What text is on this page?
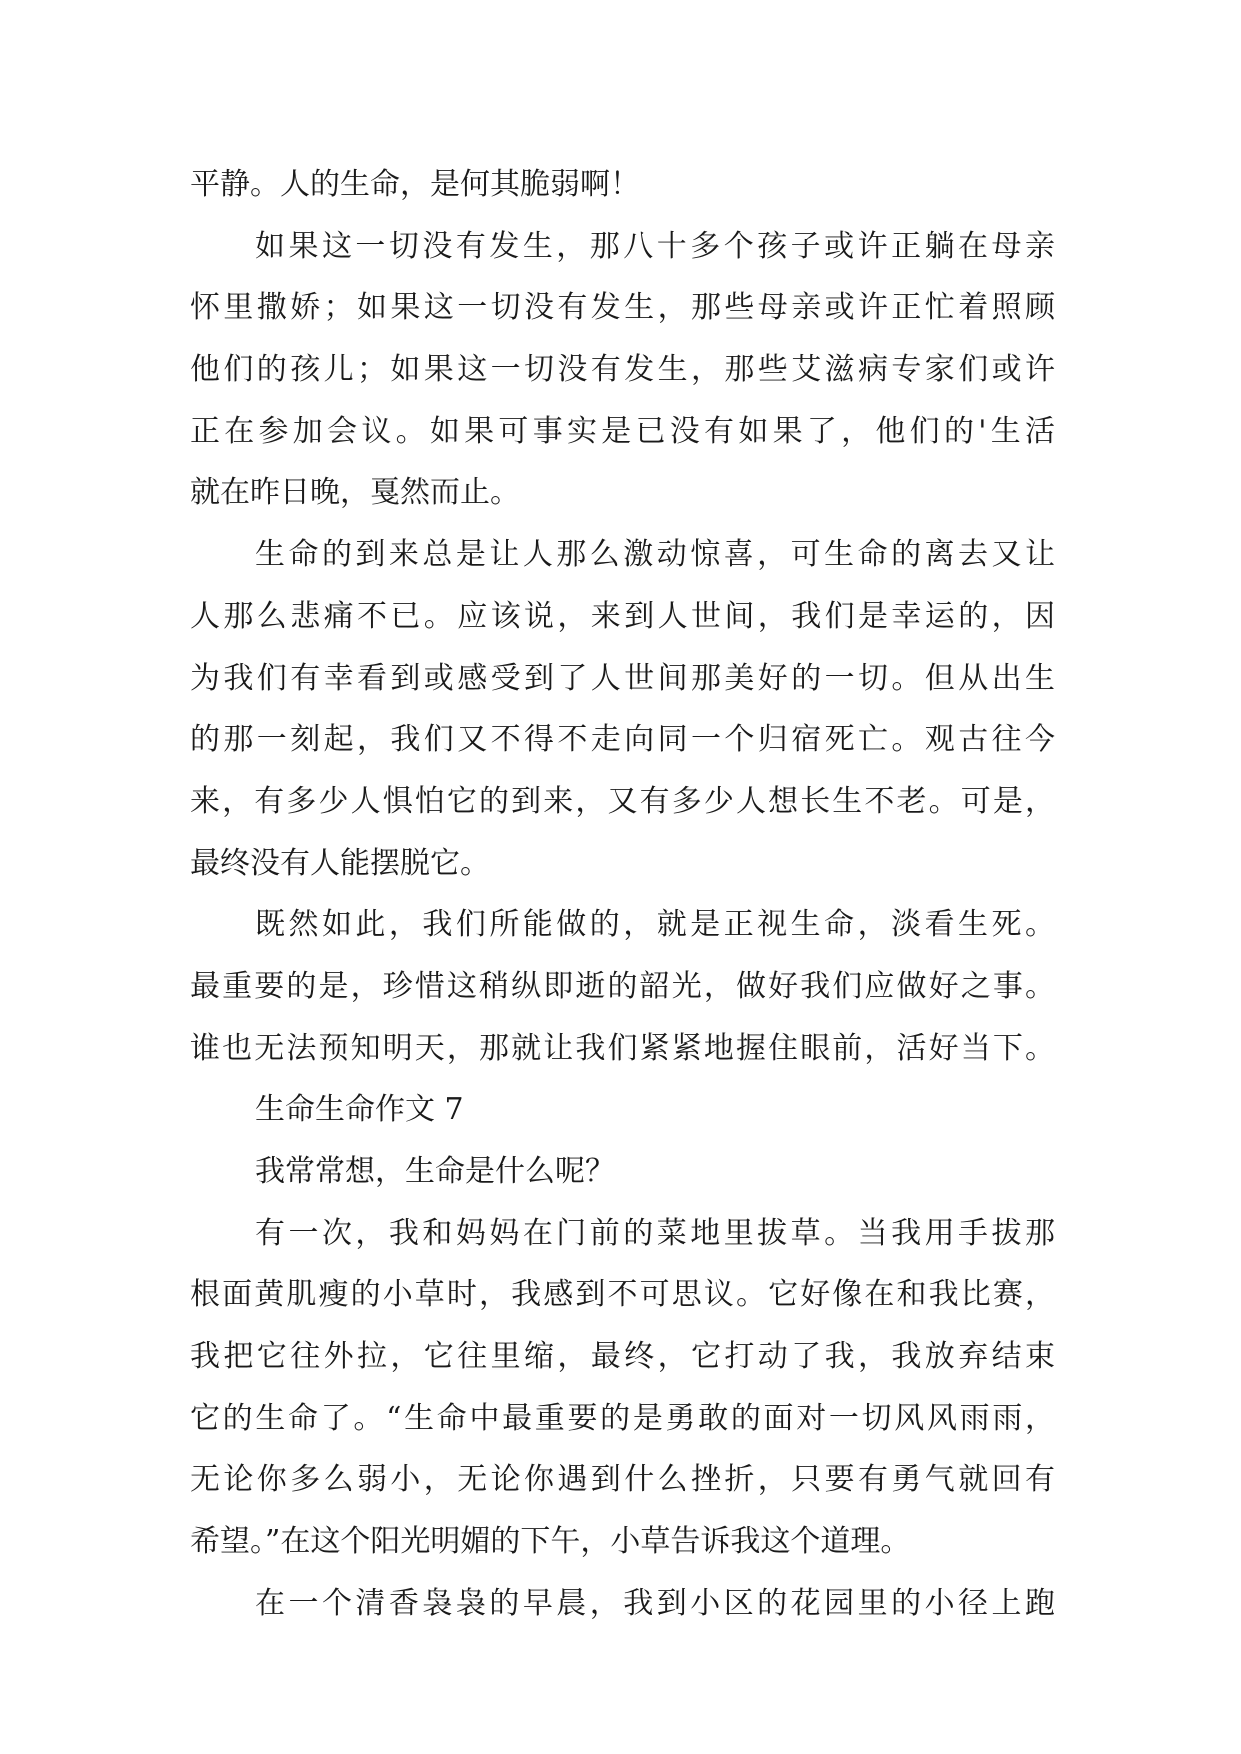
平静。人的生命，是何其脆弱啊！
如果这一切没有发生，那八十多个孩子或许正躺在母亲
怀里撒娇；如果这一切没有发生，那些母亲或许正忙着照顾
他们的孩儿；如果这一切没有发生，那些艾滋病专家们或许
正在参加会议。如果可事实是已没有如果了，他们的'生活
就在昨日晚，戛然而止。
生命的到来总是让人那么激动惊喜，可生命的离去又让
人那么悲痛不已。应该说，来到人世间，我们是幸运的，因
为我们有幸看到或感受到了人世间那美好的一切。但从出生
的那一刻起，我们又不得不走向同一个归宿死亡。观古往今
来，有多少人惧怕它的到来，又有多少人想长生不老。可是，
最终没有人能摆脱它。
既然如此，我们所能做的，就是正视生命，淡看生死。
最重要的是，珍惜这稍纵即逝的韶光，做好我们应做好之事。
谁也无法预知明天，那就让我们紧紧地握住眼前，活好当下。
生命生命作文 7
我常常想，生命是什么呢？
有一次，我和妈妈在门前的菜地里拔草。当我用手拔那
根面黄肌瘦的小草时，我感到不可思议。它好像在和我比赛，
我把它往外拉，它往里缩，最终，它打动了我，我放弃结束
它的生命了。“生命中最重要的是勇敢的面对一切风风雨雨，
无论你多么弱小，无论你遇到什么挫折，只要有勇气就回有
希望。”在这个阳光明媚的下午，小草告诉我这个道理。
在一个清香袅袅的早晨，我到小区的花园里的小径上跑
